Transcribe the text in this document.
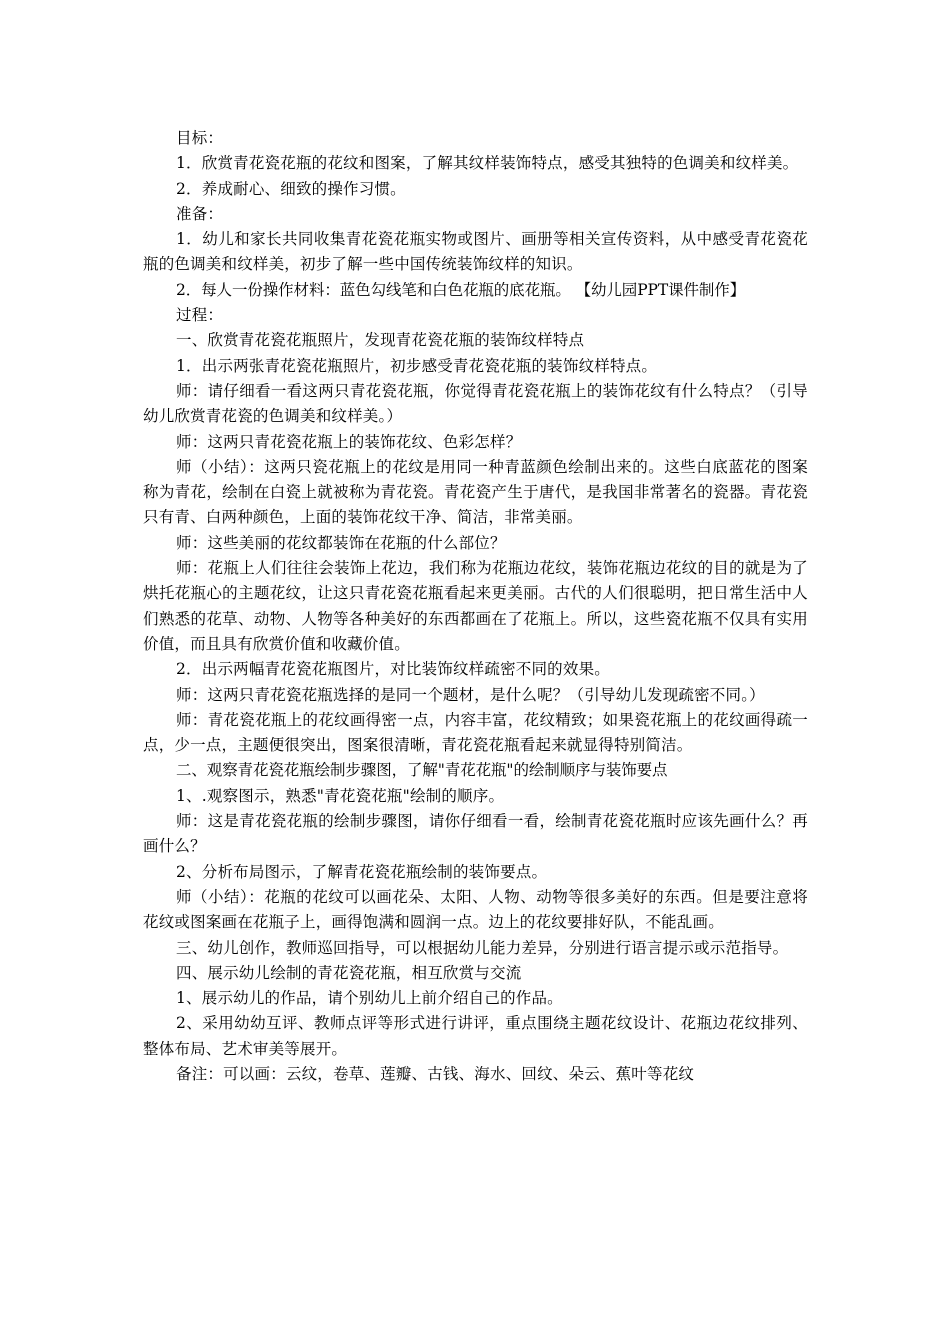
目标：

1．欣赏青花瓷花瓶的花纹和图案，了解其纹样装饰特点，感受其独特的色调美和纹样美。

2．养成耐心、细致的操作习惯。

准备：

1．幼儿和家长共同收集青花瓷花瓶实物或图片、画册等相关宣传资料，从中感受青花瓷花瓶的色调美和纹样美，初步了解一些中国传统装饰纹样的知识。

2．每人一份操作材料：蓝色勾线笔和白色花瓶的底花瓶。 【幼儿园PPT课件制作】

过程：

一、欣赏青花瓷花瓶照片，发现青花瓷花瓶的装饰纹样特点

1．出示两张青花瓷花瓶照片，初步感受青花瓷花瓶的装饰纹样特点。

师：请仔细看一看这两只青花瓷花瓶，你觉得青花瓷花瓶上的装饰花纹有什么特点？（引导幼儿欣赏青花瓷的色调美和纹样美。）

师：这两只青花瓷花瓶上的装饰花纹、色彩怎样？

师（小结）：这两只瓷花瓶上的花纹是用同一种青蓝颜色绘制出来的。这些白底蓝花的图案称为青花，绘制在白瓷上就被称为青花瓷。青花瓷产生于唐代，是我国非常著名的瓷器。青花瓷只有青、白两种颜色，上面的装饰花纹干净、简洁，非常美丽。

师：这些美丽的花纹都装饰在花瓶的什么部位？

师：花瓶上人们往往会装饰上花边，我们称为花瓶边花纹，装饰花瓶边花纹的目的就是为了烘托花瓶心的主题花纹，让这只青花瓷花瓶看起来更美丽。古代的人们很聪明，把日常生活中人们熟悉的花草、动物、人物等各种美好的东西都画在了花瓶上。所以，这些瓷花瓶不仅具有实用价值，而且具有欣赏价值和收藏价值。

2．出示两幅青花瓷花瓶图片，对比装饰纹样疏密不同的效果。

师：这两只青花瓷花瓶选择的是同一个题材，是什么呢？（引导幼儿发现疏密不同。）

师：青花瓷花瓶上的花纹画得密一点，内容丰富，花纹精致；如果瓷花瓶上的花纹画得疏一点，少一点，主题便很突出，图案很清晰，青花瓷花瓶看起来就显得特别简洁。

二、观察青花瓷花瓶绘制步骤图，了解"青花花瓶"的绘制顺序与装饰要点

1、.观察图示，熟悉"青花瓷花瓶"绘制的顺序。

师：这是青花瓷花瓶的绘制步骤图，请你仔细看一看，绘制青花瓷花瓶时应该先画什么？再画什么？

2、分析布局图示，了解青花瓷花瓶绘制的装饰要点。

师（小结）：花瓶的花纹可以画花朵、太阳、人物、动物等很多美好的东西。但是要注意将花纹或图案画在花瓶子上，画得饱满和圆润一点。边上的花纹要排好队，不能乱画。

三、幼儿创作，教师巡回指导，可以根据幼儿能力差异，分别进行语言提示或示范指导。

四、展示幼儿绘制的青花瓷花瓶，相互欣赏与交流

1、展示幼儿的作品，请个别幼儿上前介绍自己的作品。

2、采用幼幼互评、教师点评等形式进行讲评，重点围绕主题花纹设计、花瓶边花纹排列、整体布局、艺术审美等展开。

备注：可以画：云纹，卷草、莲瓣、古钱、海水、回纹、朵云、蕉叶等花纹
